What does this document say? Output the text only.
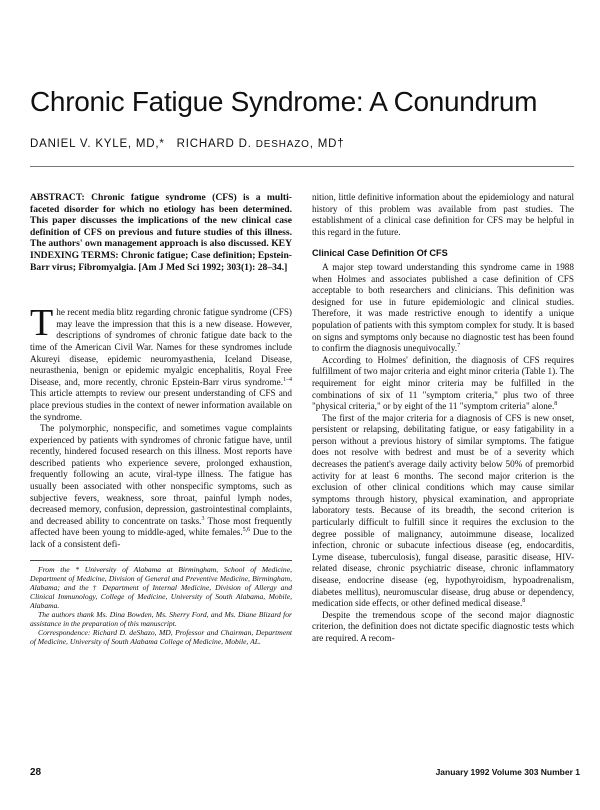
Chronic Fatigue Syndrome: A Conundrum
DANIEL V. KYLE, MD,* RICHARD D. DESHAZO, MD†

ABSTRACT: Chronic fatigue syndrome (CFS) is a multi-faceted disorder for which no etiology has been determined. This paper discusses the implications of the new clinical case definition of CFS on previous and future studies of this illness. The authors' own management approach is also discussed. KEY INDEXING TERMS: Chronic fatigue; Case definition; Epstein-Barr virus; Fibromyalgia. [Am J Med Sci 1992; 303(1): 28–34.]

The recent media blitz regarding chronic fatigue syndrome (CFS) may leave the impression that this is a new disease. However, descriptions of syndromes of chronic fatigue date back to the time of the American Civil War. Names for these syndromes include Akureyi disease, epidemic neuromyasthenia, Iceland Disease, neurasthenia, benign or epidemic myalgic encephalitis, Royal Free Disease, and, more recently, chronic Epstein-Barr virus syndrome.$^{1-4}$ This article attempts to review our present understanding of CFS and place previous studies in the context of newer information available on the syndrome.

The polymorphic, nonspecific, and sometimes vague complaints experienced by patients with syndromes of chronic fatigue have, until recently, hindered focused research on this illness. Most reports have described patients who experience severe, prolonged exhaustion, frequently following an acute, viral-type illness. The fatigue has usually been associated with other nonspecific symptoms, such as subjective fevers, weakness, sore throat, painful lymph nodes, decreased memory, confusion, depression, gastrointestinal complaints, and decreased ability to concentrate on tasks.$^3$ Those most frequently affected have been young to middle-aged, white females.$^{5,6}$ Due to the lack of a consistent defi-

From the * University of Alabama at Birmingham, School of Medicine, Department of Medicine, Division of General and Preventive Medicine, Birmingham, Alabama; and the † Department of Internal Medicine, Division of Allergy and Clinical Immunology, College of Medicine, University of South Alabama, Mobile, Alabama.

The authors thank Ms. Dina Bowden, Ms. Sherry Ford, and Ms. Diane Blizard for assistance in the preparation of this manuscript.

Correspondence: Richard D. deShazo, MD, Professor and Chairman, Department of Medicine, University of South Alabama College of Medicine, Mobile, AL.

nition, little definitive information about the epidemiology and natural history of this problem was available from past studies. The establishment of a clinical case definition for CFS may be helpful in this regard in the future.

Clinical Case Definition Of CFS

A major step toward understanding this syndrome came in 1988 when Holmes and associates published a case definition of CFS acceptable to both researchers and clinicians. This definition was designed for use in future epidemiologic and clinical studies. Therefore, it was made restrictive enough to identify a unique population of patients with this symptom complex for study. It is based on signs and symptoms only because no diagnostic test has been found to confirm the diagnosis unequivocally.$^7$

According to Holmes' definition, the diagnosis of CFS requires fulfillment of two major criteria and eight minor criteria (Table 1). The requirement for eight minor criteria may be fulfilled in the combinations of six of 11 "symptom criteria," plus two of three "physical criteria," or by eight of the 11 "symptom criteria" alone.$^8$

The first of the major criteria for a diagnosis of CFS is new onset, persistent or relapsing, debilitating fatigue, or easy fatigability in a person without a previous history of similar symptoms. The fatigue does not resolve with bedrest and must be of a severity which decreases the patient's average daily activity below 50% of premorbid activity for at least 6 months. The second major criterion is the exclusion of other clinical conditions which may cause similar symptoms through history, physical examination, and appropriate laboratory tests. Because of its breadth, the second criterion is particularly difficult to fulfill since it requires the exclusion to the degree possible of malignancy, autoimmune disease, localized infection, chronic or subacute infectious disease (eg, endocarditis, Lyme disease, tuberculosis), fungal disease, parasitic disease, HIV-related disease, chronic psychiatric disease, chronic inflammatory disease, endocrine disease (eg, hypothyroidism, hypoadrenalism, diabetes mellitus), neuromuscular disease, drug abuse or dependency, medication side effects, or other defined medical disease.$^8$

Despite the tremendous scope of the second major diagnostic criterion, the definition does not dictate specific diagnostic tests which are required. A recom-

28	January 1992 Volume 303 Number 1
